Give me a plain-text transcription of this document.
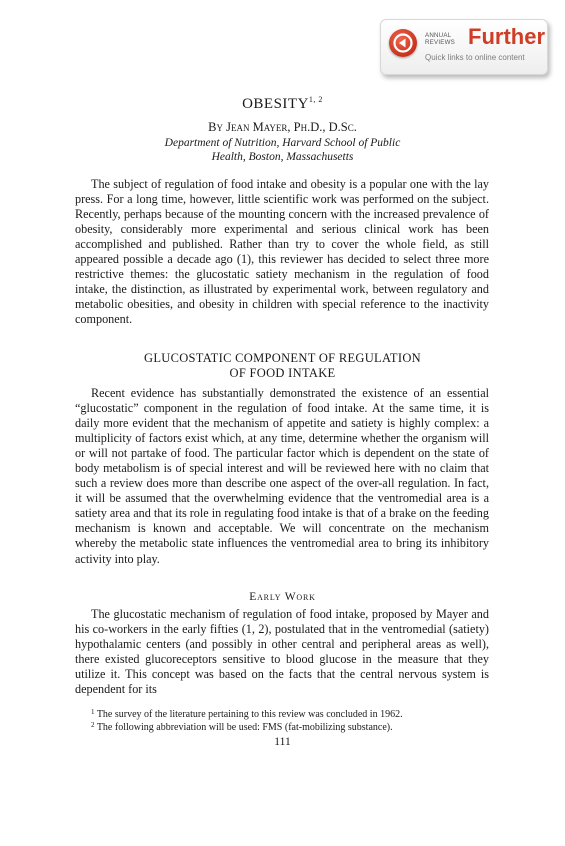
ANNUAL
REVIEWS Further
Quick links to online content
OBESITY$^{1, 2}$
By Jean Mayer, Ph.D., D.Sc.
Department of Nutrition, Harvard School of Public
Health, Boston, Massachusetts

The subject of regulation of food intake and obesity is a popular one with the lay press. For a long time, however, little scientific work was performed on the subject. Recently, perhaps because of the mounting concern with the increased prevalence of obesity, considerably more experimental and serious clinical work has been accomplished and published. Rather than try to cover the whole field, as still appeared possible a decade ago (1), this reviewer has decided to select three more restrictive themes: the glucostatic satiety mechanism in the regulation of food intake, the distinction, as illustrated by experimental work, between regulatory and metabolic obesities, and obesity in children with special reference to the inactivity component.

GLUCOSTATIC COMPONENT OF REGULATION
OF FOOD INTAKE

Recent evidence has substantially demonstrated the existence of an essential “glucostatic” component in the regulation of food intake. At the same time, it is daily more evident that the mechanism of appetite and satiety is highly complex: a multiplicity of factors exist which, at any time, determine whether the organism will or will not partake of food. The particular factor which is dependent on the state of body metabolism is of special interest and will be reviewed here with no claim that such a review does more than describe one aspect of the over-all regulation. In fact, it will be assumed that the overwhelming evidence that the ventromedial area is a satiety area and that its role in regulating food intake is that of a brake on the feeding mechanism is known and acceptable. We will concentrate on the mechanism whereby the metabolic state influences the ventromedial area to bring its inhibitory activity into play.

Early Work

The glucostatic mechanism of regulation of food intake, proposed by Mayer and his co-workers in the early fifties (1, 2), postulated that in the ventromedial (satiety) hypothalamic centers (and possibly in other central and peripheral areas as well), there existed glucoreceptors sensitive to blood glucose in the measure that they utilize it. This concept was based on the facts that the central nervous system is dependent for its

$^1$ The survey of the literature pertaining to this review was concluded in 1962.
$^2$ The following abbreviation will be used: FMS (fat-mobilizing substance).
111
